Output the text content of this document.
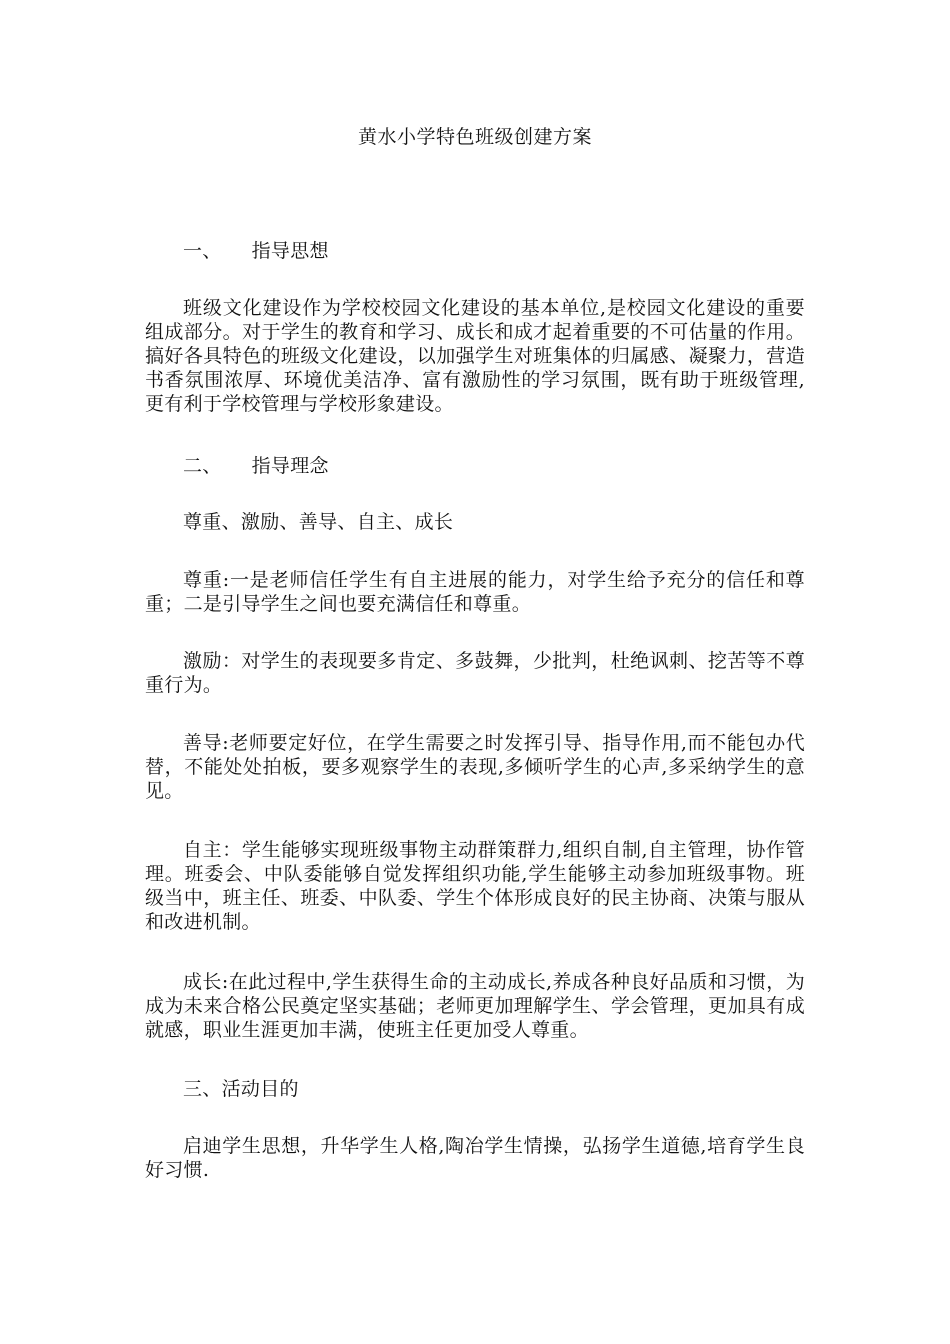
黄水小学特色班级创建方案
一、 指导思想

班级文化建设作为学校校园文化建设的基本单位,是校园文化建设的重要组成部分。对于学生的教育和学习、成长和成才起着重要的不可估量的作用。搞好各具特色的班级文化建设，以加强学生对班集体的归属感、凝聚力，营造书香氛围浓厚、环境优美洁净、富有激励性的学习氛围，既有助于班级管理,更有利于学校管理与学校形象建设。

二、 指导理念

尊重、激励、善导、自主、成长

尊重:一是老师信任学生有自主进展的能力，对学生给予充分的信任和尊重；二是引导学生之间也要充满信任和尊重。

激励：对学生的表现要多肯定、多鼓舞，少批判，杜绝讽刺、挖苦等不尊重行为。

善导:老师要定好位，在学生需要之时发挥引导、指导作用,而不能包办代替，不能处处拍板，要多观察学生的表现,多倾听学生的心声,多采纳学生的意见。

自主：学生能够实现班级事物主动群策群力,组织自制,自主管理，协作管理。班委会、中队委能够自觉发挥组织功能,学生能够主动参加班级事物。班级当中，班主任、班委、中队委、学生个体形成良好的民主协商、决策与服从和改进机制。

成长:在此过程中,学生获得生命的主动成长,养成各种良好品质和习惯，为成为未来合格公民奠定坚实基础；老师更加理解学生、学会管理，更加具有成就感，职业生涯更加丰满，使班主任更加受人尊重。

三、活动目的

启迪学生思想，升华学生人格,陶冶学生情操，弘扬学生道德,培育学生良好习惯.
